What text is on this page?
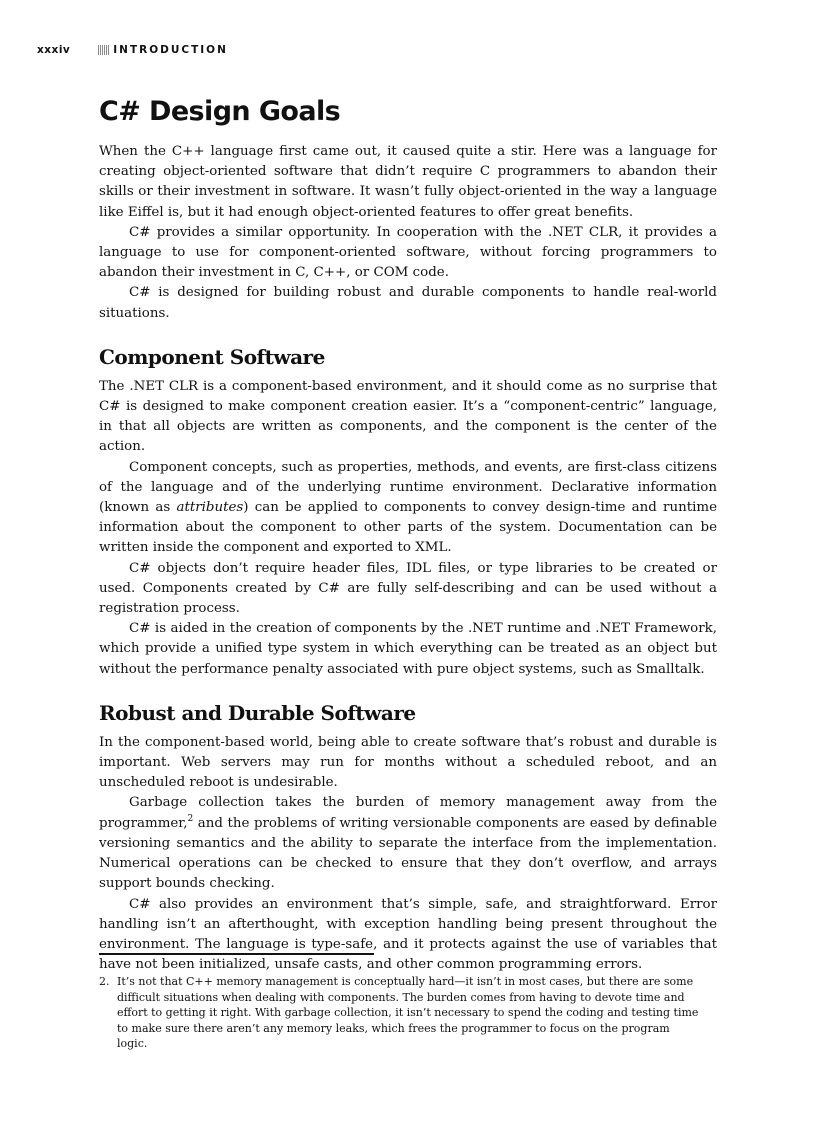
xxxiv	INTRODUCTION
C# Design Goals

When the C++ language first came out, it caused quite a stir. Here was a language for creating object-oriented software that didn’t require C programmers to abandon their skills or their investment in software. It wasn’t fully object-oriented in the way a language like Eiffel is, but it had enough object-oriented features to offer great benefits.

C# provides a similar opportunity. In cooperation with the .NET CLR, it provides a language to use for component-oriented software, without forcing programmers to abandon their investment in C, C++, or COM code.

C# is designed for building robust and durable components to handle real-world situations.

Component Software

The .NET CLR is a component-based environment, and it should come as no surprise that C# is designed to make component creation easier. It’s a “component-centric” language, in that all objects are written as components, and the component is the center of the action.

Component concepts, such as properties, methods, and events, are first-class citizens of the language and of the underlying runtime environment. Declarative information (known as attributes) can be applied to components to convey design-time and runtime information about the component to other parts of the system. Documentation can be written inside the component and exported to XML.

C# objects don’t require header files, IDL files, or type libraries to be created or used. Components created by C# are fully self-describing and can be used without a registration process.

C# is aided in the creation of components by the .NET runtime and .NET Framework, which provide a unified type system in which everything can be treated as an object but without the performance penalty associated with pure object systems, such as Smalltalk.

Robust and Durable Software

In the component-based world, being able to create software that’s robust and durable is important. Web servers may run for months without a scheduled reboot, and an unscheduled reboot is undesirable.

Garbage collection takes the burden of memory management away from the programmer,$^2$ and the problems of writing versionable components are eased by definable versioning semantics and the ability to separate the interface from the implementation. Numerical operations can be checked to ensure that they don’t overflow, and arrays support bounds checking.

C# also provides an environment that’s simple, safe, and straightforward. Error handling isn’t an afterthought, with exception handling being present throughout the environment. The language is type-safe, and it protects against the use of variables that have not been initialized, unsafe casts, and other common programming errors.

2. It’s not that C++ memory management is conceptually hard—it isn’t in most cases, but there are some difficult situations when dealing with components. The burden comes from having to devote time and effort to getting it right. With garbage collection, it isn’t necessary to spend the coding and testing time to make sure there aren’t any memory leaks, which frees the programmer to focus on the program logic.
